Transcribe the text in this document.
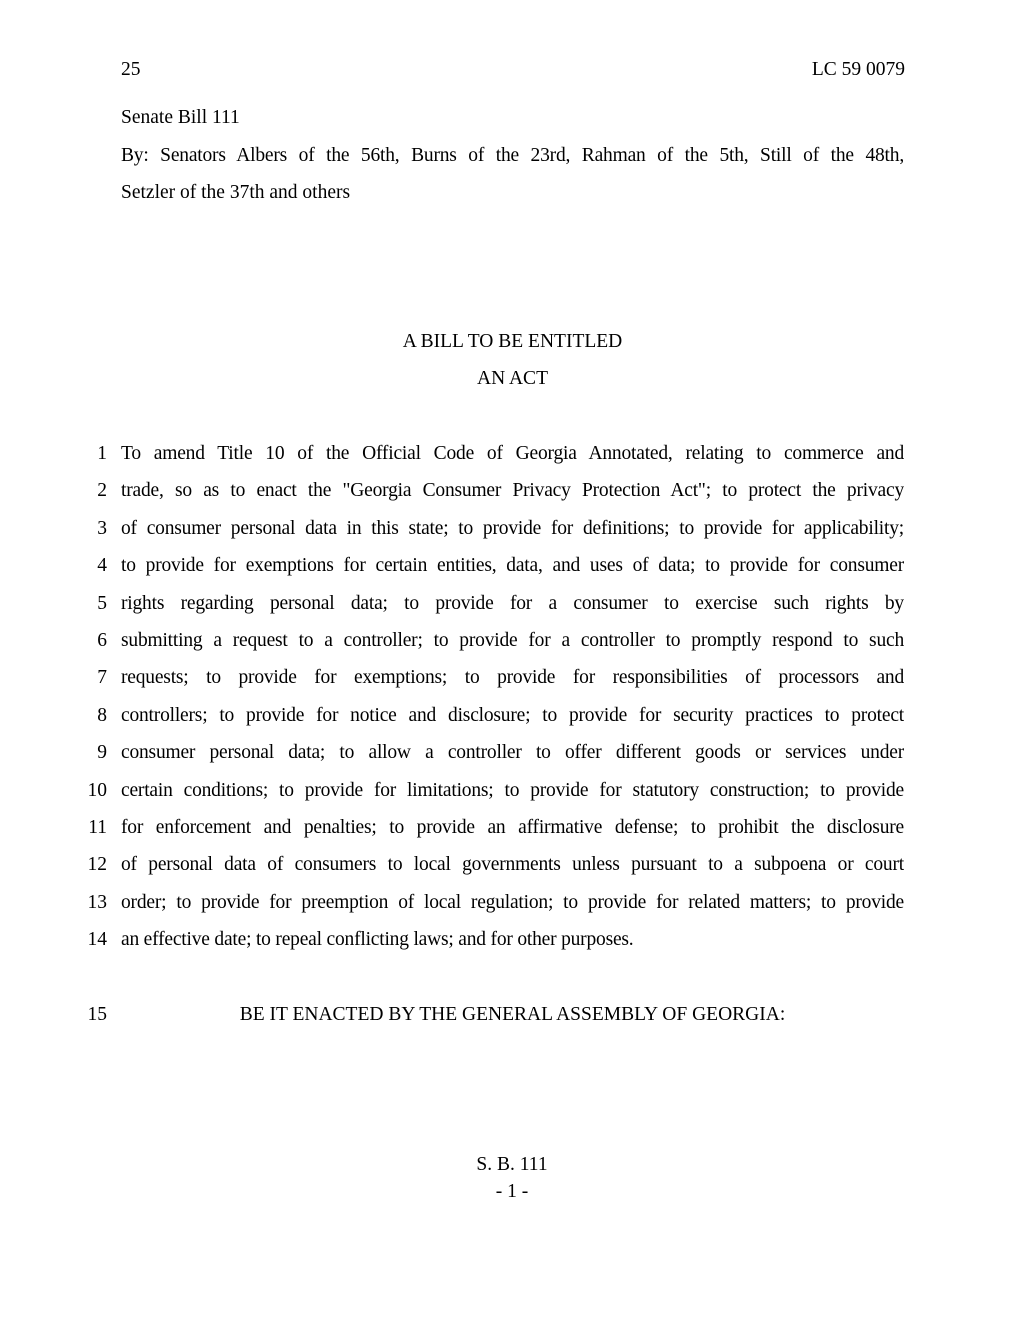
25	LC 59 0079
Senate Bill 111
By: Senators Albers of the 56th, Burns of the 23rd, Rahman of the 5th, Still of the 48th,
Setzler of the 37th and others
A BILL TO BE ENTITLED
AN ACT
1 To amend Title 10 of the Official Code of Georgia Annotated, relating to commerce and
2 trade, so as to enact the "Georgia Consumer Privacy Protection Act"; to protect the privacy
3 of consumer personal data in this state; to provide for definitions; to provide for applicability;
4 to provide for exemptions for certain entities, data, and uses of data; to provide for consumer
5 rights regarding personal data; to provide for a consumer to exercise such rights by
6 submitting a request to a controller; to provide for a controller to promptly respond to such
7 requests; to provide for exemptions; to provide for responsibilities of processors and
8 controllers; to provide for notice and disclosure; to provide for security practices to protect
9 consumer personal data; to allow a controller to offer different goods or services under
10 certain conditions; to provide for limitations; to provide for statutory construction; to provide
11 for enforcement and penalties; to provide an affirmative defense; to prohibit the disclosure
12 of personal data of consumers to local governments unless pursuant to a subpoena or court
13 order; to provide for preemption of local regulation; to provide for related matters; to provide
14 an effective date; to repeal conflicting laws; and for other purposes.
15	BE IT ENACTED BY THE GENERAL ASSEMBLY OF GEORGIA:
S. B. 111
- 1 -
